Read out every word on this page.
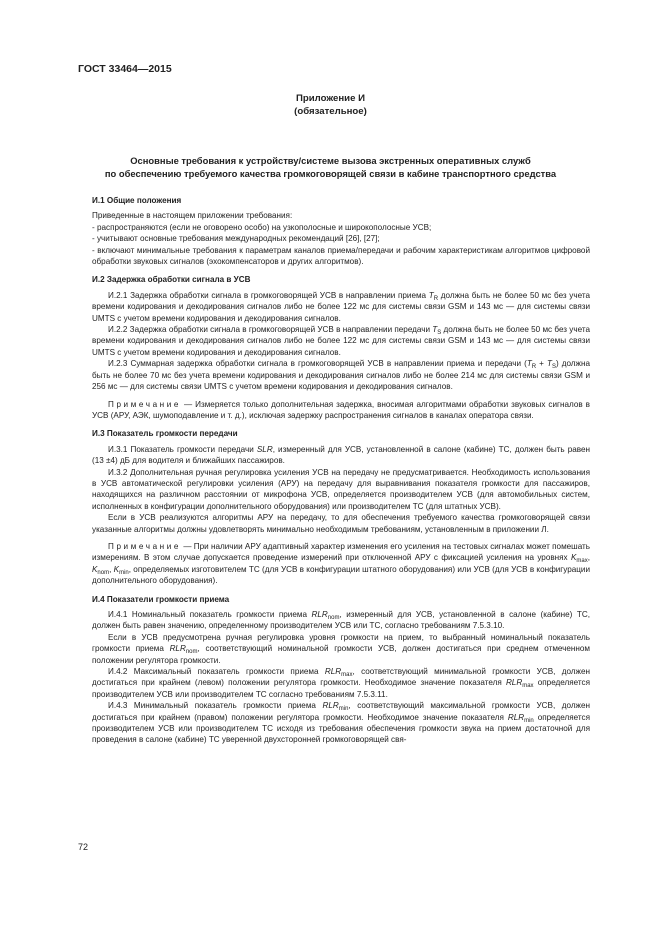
ГОСТ 33464—2015
Приложение И
(обязательное)
Основные требования к устройству/системе вызова экстренных оперативных служб
по обеспечению требуемого качества громкоговорящей связи в кабине транспортного средства

И.1 Общие положения

Приведенные в настоящем приложении требования:

- распространяются (если не оговорено особо) на узкополосные и широкополосные УСВ;

- учитывают основные требования международных рекомендаций [26], [27];

- включают минимальные требования к параметрам каналов приема/передачи и рабочим характеристикам алгоритмов цифровой обработки звуковых сигналов (эхокомпенсаторов и других алгоритмов).

И.2 Задержка обработки сигнала в УСВ

И.2.1 Задержка обработки сигнала в громкоговорящей УСВ в направлении приема $T_R$ должна быть не более 50 мс без учета времени кодирования и декодирования сигналов либо не более 122 мс для системы связи GSM и 143 мс — для системы связи UMTS с учетом времени кодирования и декодирования сигналов.

И.2.2 Задержка обработки сигнала в громкоговорящей УСВ в направлении передачи $T_S$ должна быть не более 50 мс без учета времени кодирования и декодирования сигналов либо не более 122 мс для системы связи GSM и 143 мс — для системы связи UMTS с учетом времени кодирования и декодирования сигналов.

И.2.3 Суммарная задержка обработки сигнала в громкоговорящей УСВ в направлении приема и передачи $(T_R + T_S)$ должна быть не более 70 мс без учета времени кодирования и декодирования сигналов либо не более 214 мс для системы связи GSM и 256 мс — для системы связи UMTS с учетом времени кодирования и декодирования сигналов.

Примечание — Измеряется только дополнительная задержка, вносимая алгоритмами обработки звуковых сигналов в УСВ (АРУ, АЭК, шумоподавление и т. д.), исключая задержку распространения сигналов в каналах оператора связи.

И.3 Показатель громкости передачи

И.3.1 Показатель громкости передачи SLR, измеренный для УСВ, установленной в салоне (кабине) ТС, должен быть равен (13 ±4) дБ для водителя и ближайших пассажиров.

И.3.2 Дополнительная ручная регулировка усиления УСВ на передачу не предусматривается. Необходимость использования в УСВ автоматической регулировки усиления (АРУ) на передачу для выравнивания показателя громкости для пассажиров, находящихся на различном расстоянии от микрофона УСВ, определяется производителем УСВ (для автомобильных систем, исполненных в конфигурации дополнительного оборудования) или производителем ТС (для штатных УСВ).

Если в УСВ реализуются алгоритмы АРУ на передачу, то для обеспечения требуемого качества громкоговорящей связи указанные алгоритмы должны удовлетворять минимально необходимым требованиям, установленным в приложении Л.

Примечание — При наличии АРУ адаптивный характер изменения его усиления на тестовых сигналах может помешать измерениям. В этом случае допускается проведение измерений при отключенной АРУ с фиксацией усиления на уровнях $K_{max}$, $K_{nom}$, $K_{min}$, определяемых изготовителем ТС (для УСВ в конфигурации штатного оборудования) или УСВ (для УСВ в конфигурации дополнительного оборудования).

И.4 Показатели громкости приема

И.4.1 Номинальный показатель громкости приема $RLR_{nom}$, измеренный для УСВ, установленной в салоне (кабине) ТС, должен быть равен значению, определенному производителем УСВ или ТС, согласно требованиям 7.5.3.10.

Если в УСВ предусмотрена ручная регулировка уровня громкости на прием, то выбранный номинальный показатель громкости приема $RLR_{nom}$, соответствующий номинальной громкости УСВ, должен достигаться при среднем отмеченном положении регулятора громкости.

И.4.2 Максимальный показатель громкости приема $RLR_{max}$, соответствующий минимальной громкости УСВ, должен достигаться при крайнем (левом) положении регулятора громкости. Необходимое значение показателя $RLR_{max}$ определяется производителем УСВ или производителем ТС согласно требованиям 7.5.3.11.

И.4.3 Минимальный показатель громкости приема $RLR_{min}$, соответствующий максимальной громкости УСВ, должен достигаться при крайнем (правом) положении регулятора громкости. Необходимое значение показателя $RLR_{min}$ определяется производителем УСВ или производителем ТС исходя из требования обеспечения громкости звука на прием достаточной для проведения в салоне (кабине) ТС уверенной двухсторонней громкоговорящей свя-

72
